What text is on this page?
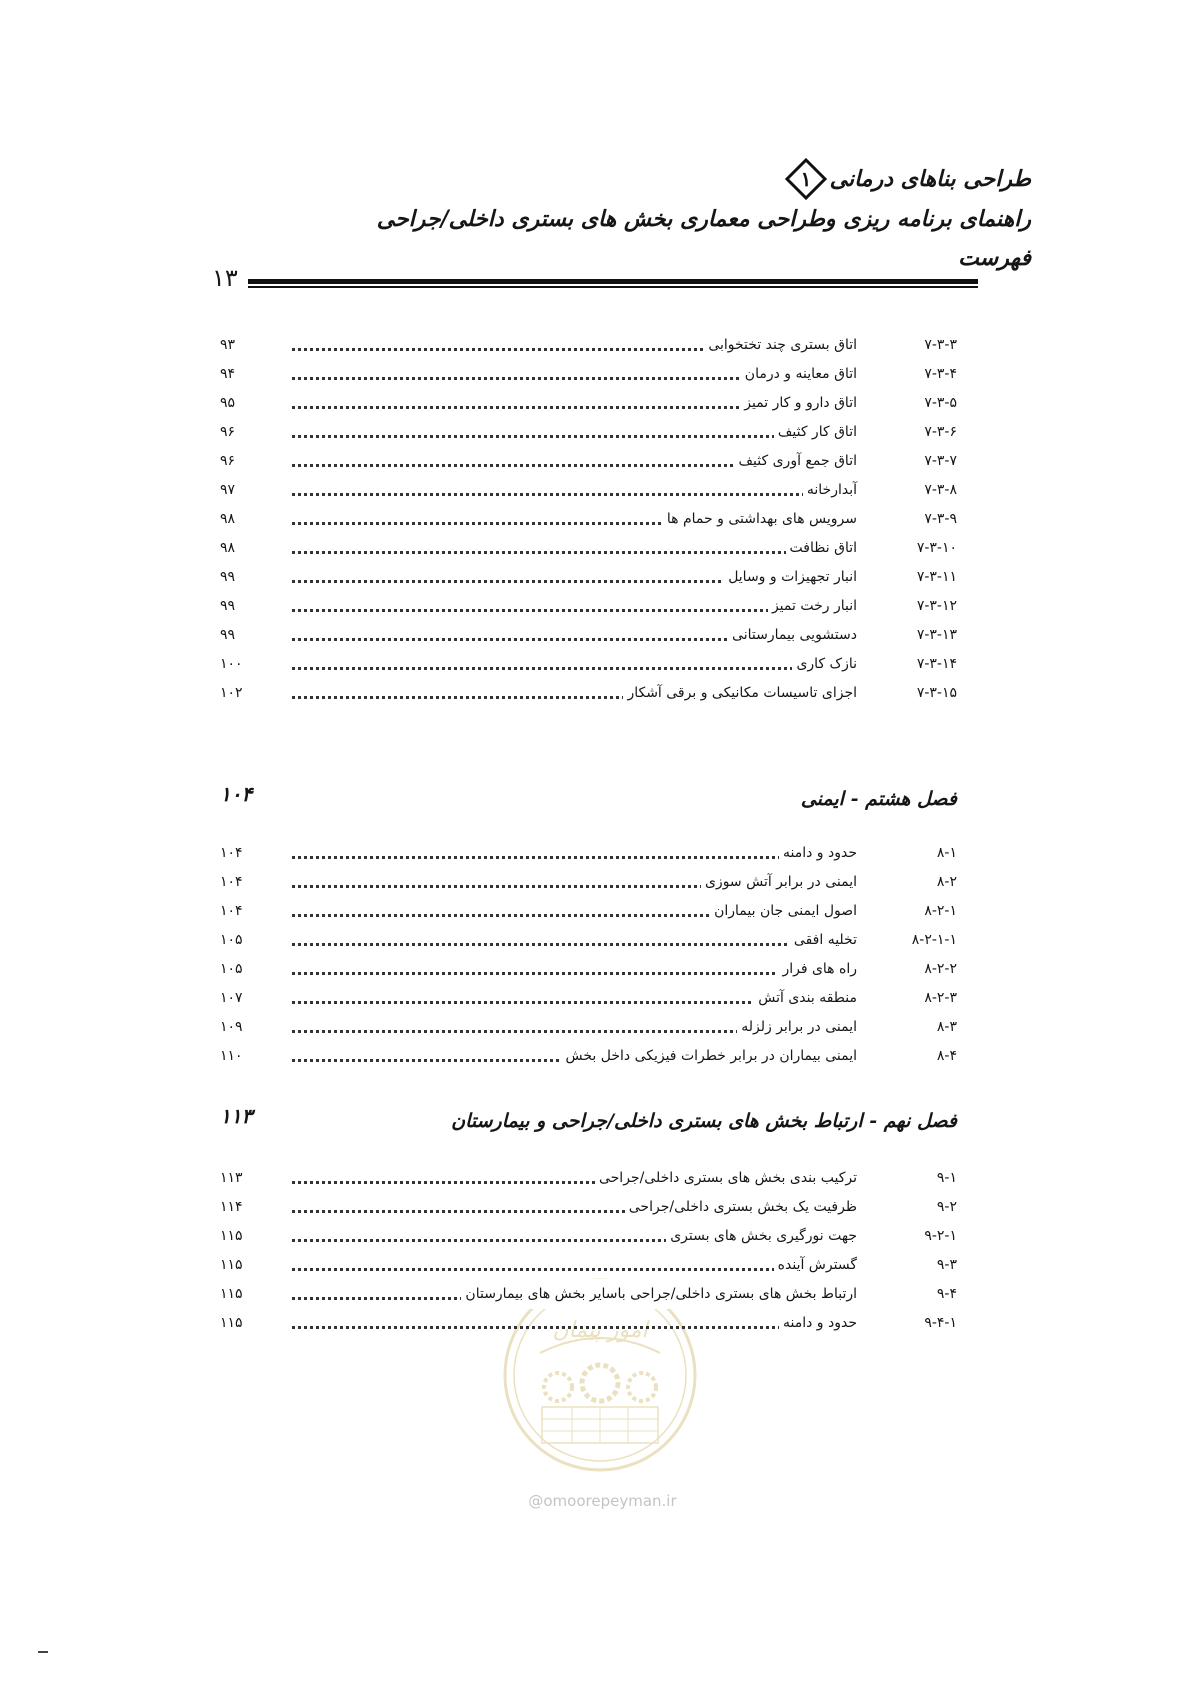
طراحی بناهای درمانی
۱
راهنمای برنامه ریزی وطراحی معماری بخش های بستری داخلی/جراحی
فهرست
۱۳
۷-۳-۳
اتاق بستری چند تختخوابی
۹۳
۷-۳-۴
اتاق معاینه و درمان
۹۴
۷-۳-۵
اتاق دارو و کار تمیز
۹۵
۷-۳-۶
اتاق کار کثیف
۹۶
۷-۳-۷
اتاق جمع آوری کثیف
۹۶
۷-۳-۸
آبدارخانه
۹۷
۷-۳-۹
سرویس های بهداشتی و حمام ها
۹۸
۷-۳-۱۰
اتاق نظافت
۹۸
۷-۳-۱۱
انبار تجهیزات و وسایل
۹۹
۷-۳-۱۲
انبار رخت تمیز
۹۹
۷-۳-۱۳
دستشویی بیمارستانی
۹۹
۷-۳-۱۴
نازک کاری
۱۰۰
۷-۳-۱۵
اجزای تاسیسات مکانیکی و برقی آشکار
۱۰۲
فصل هشتم - ایمنی
۱۰۴
۸-۱
حدود و دامنه
۱۰۴
۸-۲
ایمنی در برابر آتش سوزی
۱۰۴
۸-۲-۱
اصول ایمنی جان بیماران
۱۰۴
۸-۲-۱-۱
تخلیه افقی
۱۰۵
۸-۲-۲
راه های فرار
۱۰۵
۸-۲-۳
منطقه بندی آتش
۱۰۷
۸-۳
ایمنی در برابر زلزله
۱۰۹
۸-۴
ایمنی بیماران در برابر خطرات فیزیکی داخل بخش
۱۱۰
فصل نهم - ارتباط بخش های بستری داخلی/جراحی و بیمارستان
۱۱۳
۹-۱
ترکیب بندی بخش های بستری داخلی/جراحی
۱۱۳
۹-۲
ظرفیت یک بخش بستری داخلی/جراحی
۱۱۴
۹-۲-۱
جهت نورگیری بخش های بستری
۱۱۵
۹-۳
گسترش آینده
۱۱۵
۹-۴
ارتباط بخش های بستری داخلی/جراحی باسایر بخش های بیمارستان
۱۱۵
۹-۴-۱
حدود و دامنه
۱۱۵	امور پیمان
@omoorepeyman.ir
